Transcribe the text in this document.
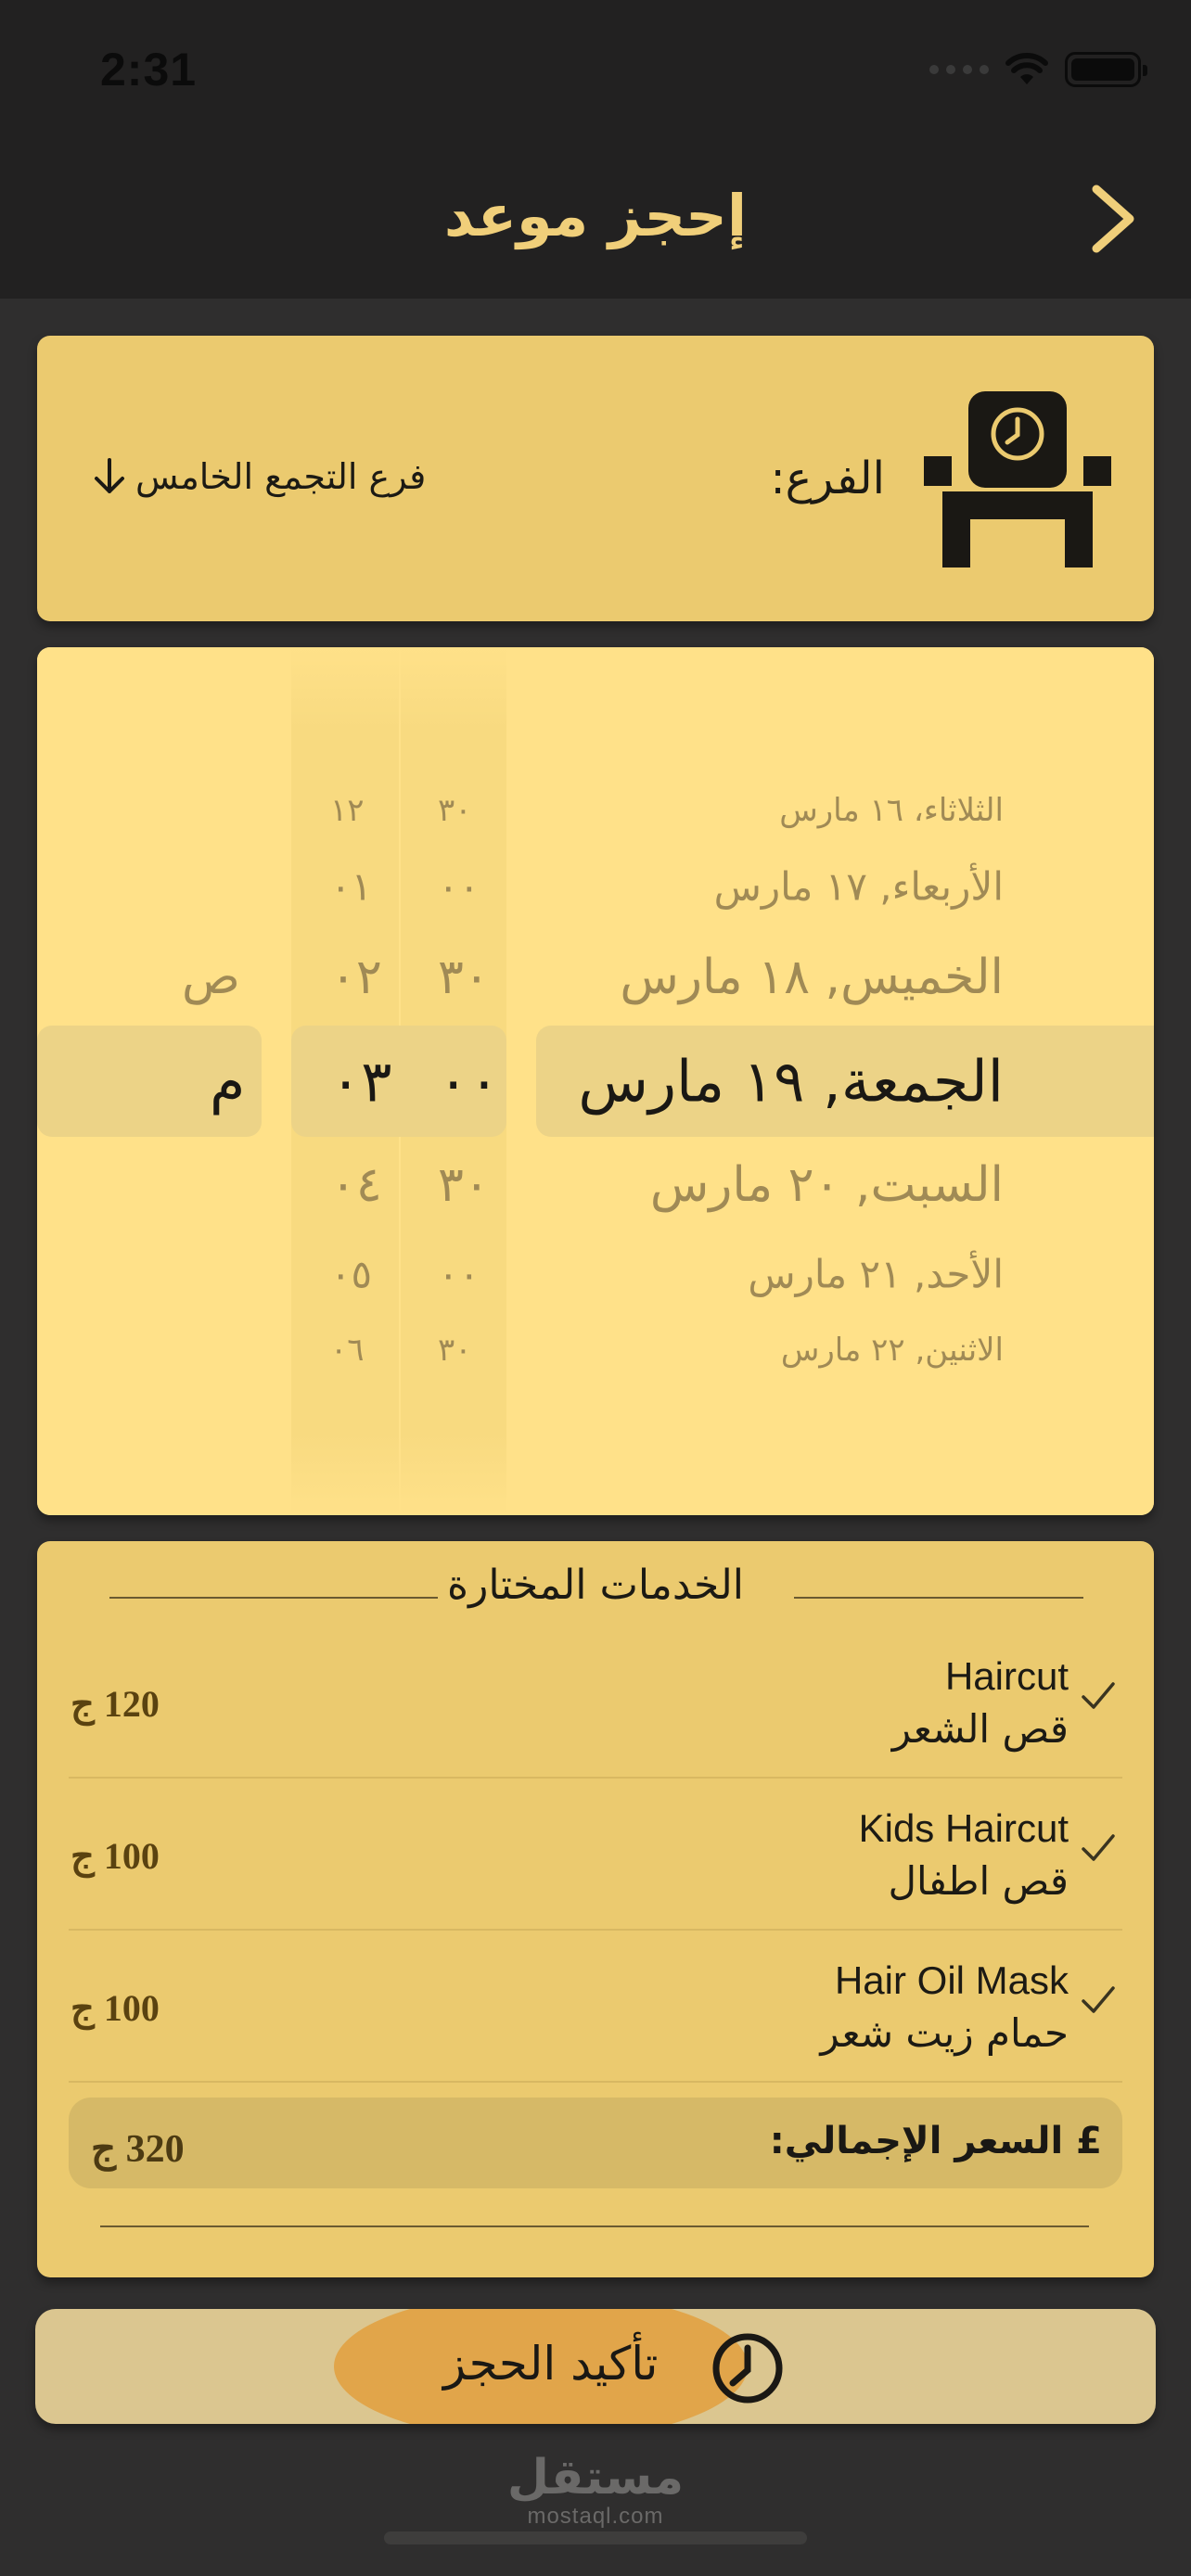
2:31
إحجز موعد
الفرع:
فرع التجمع الخامس
الثلاثاء، ١٦ مارس
الأربعاء, ١٧ مارس
الخميس, ١٨ مارس
الجمعة, ١٩ مارس
السبت, ٢٠ مارس
الأحد, ٢١ مارس
الاثنين, ٢٢ مارس
٣٠
٠٠
٣٠
٠٠
٣٠
٠٠
٣٠
١٢
٠١
٠٢
٠٣
٠٤
٠٥
٠٦
ص
م
الخدمات المختارة
Haircut
قص الشعر
120 ج
Kids Haircut
قص اطفال
100 ج
Hair Oil Mask
حمام زيت شعر
100 ج
£ السعر الإجمالي:
320 ج
تأكيد الحجز
مستقل
mostaql.com
